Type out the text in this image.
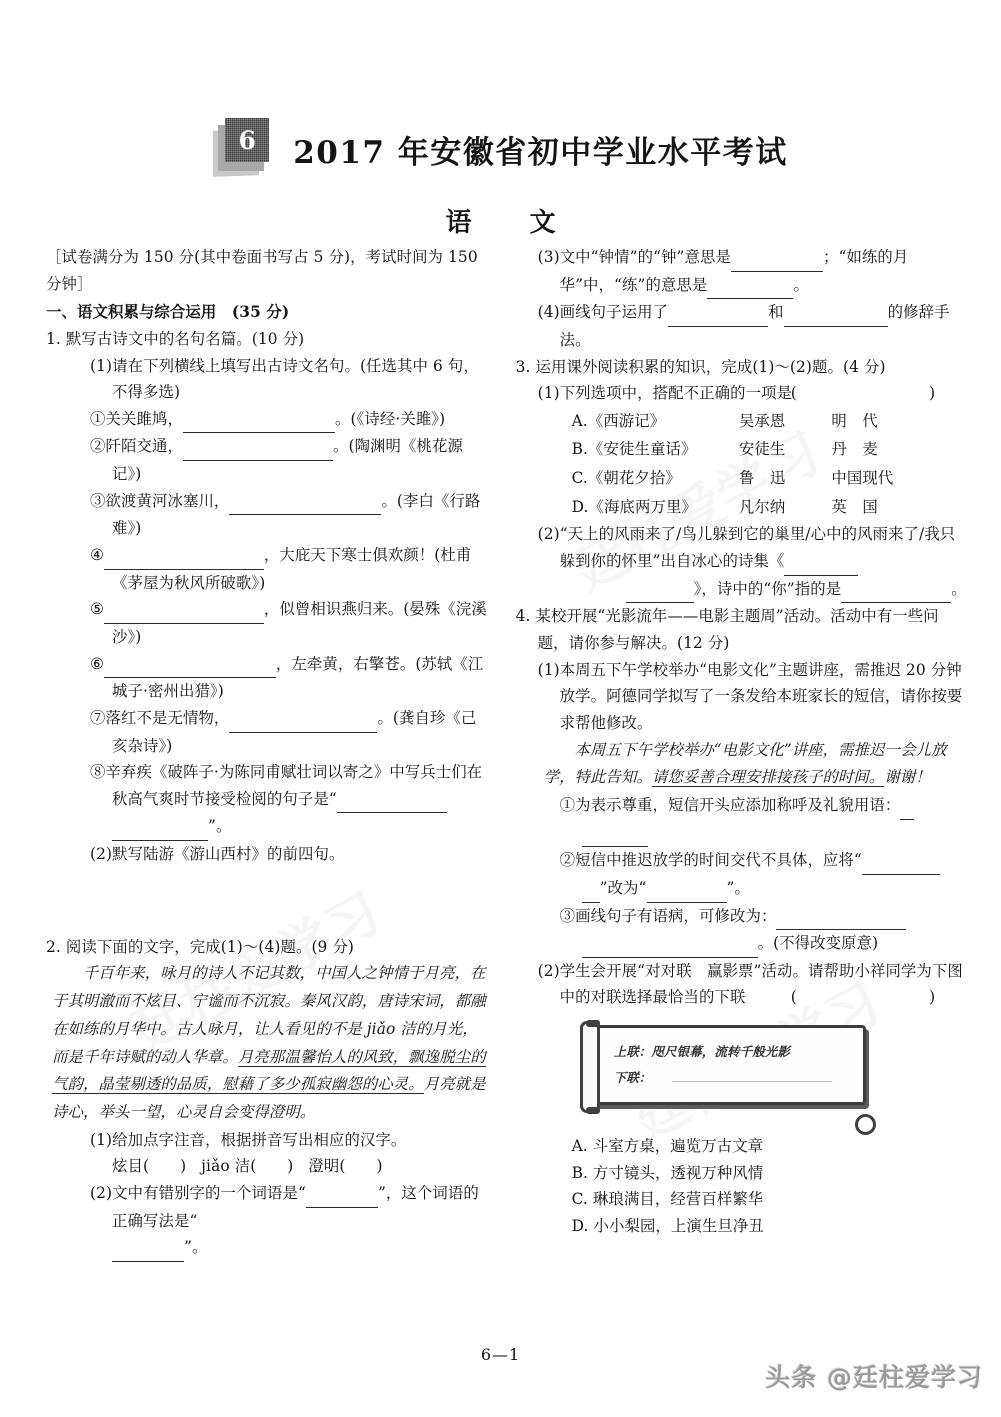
6	2017 年安徽省初中学业水平考试
语　文

［试卷满分为 150 分(其中卷面书写占 5 分)，考试时间为 150 分钟］

一、语文积累与综合运用　(35 分)

1. 默写古诗文中的名句名篇。(10 分)

(1)请在下列横线上填写出古诗文名句。(任选其中 6 句，不得多选)

①关关雎鸠，	。(《诗经·关雎》)

②阡陌交通，	。(陶渊明《桃花源记》)

③欲渡黄河冰塞川，	。(李白《行路难》)

④	，大庇天下寒士俱欢颜！(杜甫《茅屋为秋风所破歌》)

⑤	，似曾相识燕归来。(晏殊《浣溪沙》)

⑥	，左牵黄，右擎苍。(苏轼《江城子·密州出猎》)

⑦落红不是无情物，	。(龚自珍《己亥杂诗》)

⑧辛弃疾《破阵子·为陈同甫赋壮词以寄之》中写兵士们在秋高气爽时节接受检阅的句子是“

”。

(2)默写陆游《游山西村》的前四句。

2. 阅读下面的文字，完成(1)～(4)题。(9 分)

千百年来，咏月的诗人不记其数，中国人之钟情于月亮，在于其明澈而不炫目、宁谧而不沉寂。秦风汉韵，唐诗宋词，都融在如练的月华中。古人咏月，让人看见的不是 jiǎo 洁的月光，而是千年诗赋的动人华章。月亮那温馨怡人的风致，飘逸脱尘的气韵，晶莹剔透的品质，慰藉了多少孤寂幽怨的心灵。月亮就是诗心，举头一望，心灵自会变得澄明。

(1)给加点字注音，根据拼音写出相应的汉字。

炫目(　　) jiǎo 洁(　　) 澄明(　　)

(2)文中有错别字的一个词语是“	”，这个词语的正确写法是“

”。

(3)文中“钟情”的“钟”意思是	；“如练的月华”中，“练”的意思是	。

(4)画线句子运用了	和	的修辞手法。

3. 运用课外阅读积累的知识，完成(1)～(2)题。(4 分)

(1)下列选项中，搭配不正确的一项是
(　　)

A.《西游记》	吴承恩	明　代
B.《安徒生童话》	安徒生	丹　麦
C.《朝花夕拾》	鲁　迅	中国现代
D.《海底两万里》	凡尔纳	英　国

(2)“天上的风雨来了/鸟儿躲到它的巢里/心中的风雨来了/我只躲到你的怀里”出自冰心的诗集《

》，诗中的“你”指的是	。

4. 某校开展“光影流年——电影主题周”活动。活动中有一些问题，请你参与解决。(12 分)

(1)本周五下午学校举办“电影文化”主题讲座，需推迟 20 分钟放学。阿德同学拟写了一条发给本班家长的短信，请你按要求帮他修改。

本周五下午学校举办“电影文化”讲座，需推迟一会儿放学，特此告知。请您妥善合理安排接孩子的时间。谢谢！

①为表示尊重，短信开头应添加称呼及礼貌用语：

②短信中推迟放学的时间交代不具体，应将“

”改为“	”。

③画线句子有语病，可修改为：

。(不得改变原意)

(2)学生会开展“对对联　赢影票”活动。请帮助小祥同学为下图中的对联选择最恰当的下联	(　　)

上联：咫尺银幕，流转千般光影
下联：

A. 斗室方桌，遍览万古文章

B. 方寸镜头，透视万种风情

C. 琳琅满目，经营百样繁华

D. 小小梨园，上演生旦净丑

6—1
头条 @廷柱爱学习
